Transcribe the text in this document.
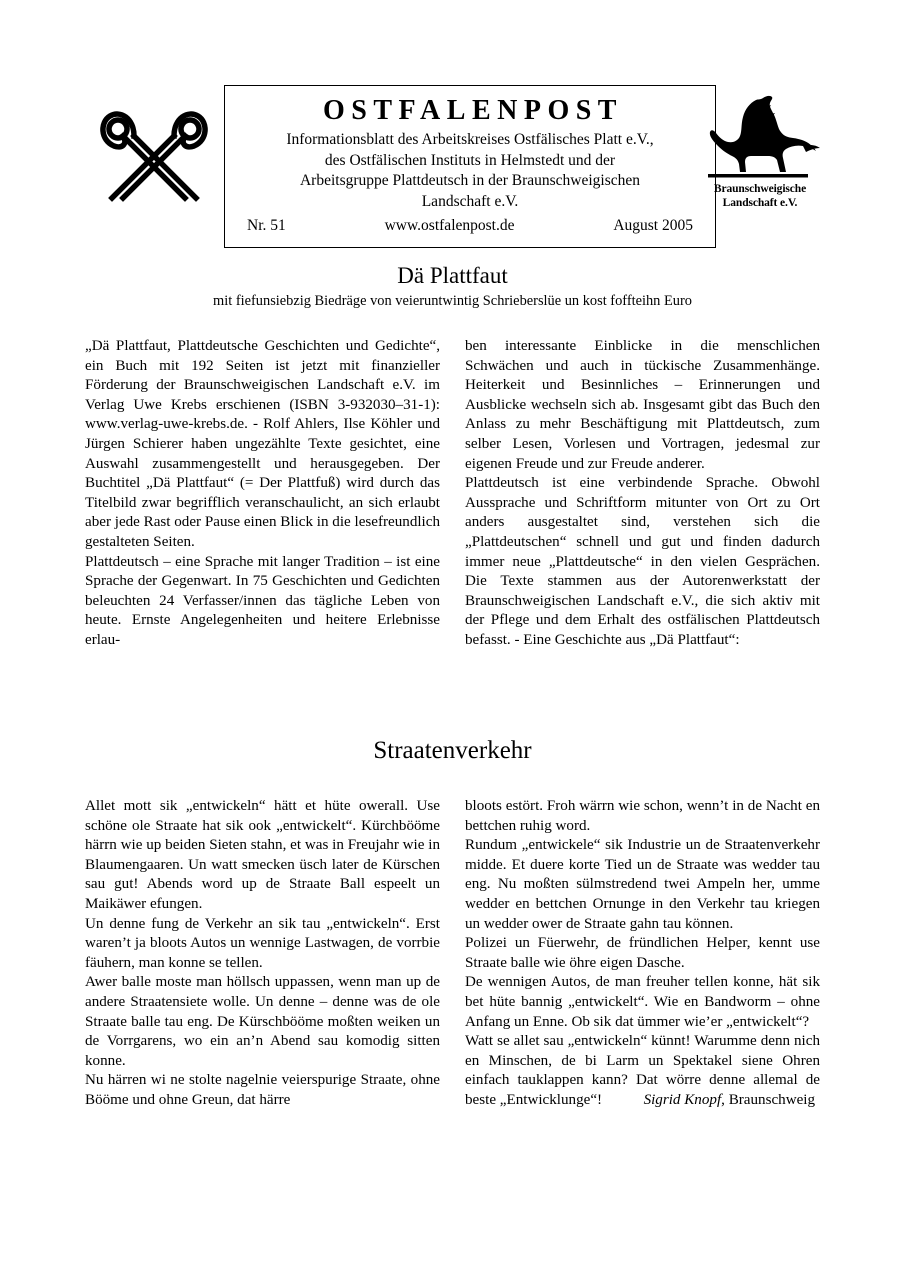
OSTFALENPOST
Informationsblatt des Arbeitskreises Ostfälisches Platt e.V.,
des Ostfälischen Instituts in Helmstedt und der
Arbeitsgruppe Plattdeutsch in der Braunschweigischen
Landschaft e.V.
Nr. 51	www.ostfalenpost.de	August 2005
Braunschweigische
Landschaft e.V.
Dä Plattfaut
mit fiefunsiebzig Biedräge von veieruntwintig Schrieberslüe un kost foffteihn Euro

„Dä Plattfaut, Plattdeutsche Geschichten und Gedichte“, ein Buch mit 192 Seiten ist jetzt mit finanzieller Förderung der Braunschweigischen Landschaft e.V. im Verlag Uwe Krebs erschienen (ISBN 3-932030–31-1): www.verlag-uwe-krebs.de. - Rolf Ahlers, Ilse Köhler und Jürgen Schierer haben ungezählte Texte gesichtet, eine Auswahl zusammengestellt und herausgegeben. Der Buchtitel „Dä Plattfaut“ (= Der Plattfuß) wird durch das Titelbild zwar begrifflich veranschaulicht, an sich erlaubt aber jede Rast oder Pause einen Blick in die lesefreundlich gestalteten Seiten.

Plattdeutsch – eine Sprache mit langer Tradition – ist eine Sprache der Gegenwart. In 75 Geschichten und Gedichten beleuchten 24 Verfasser/innen das tägliche Leben von heute. Ernste Angelegenheiten und heitere Erlebnisse erlau-

ben interessante Einblicke in die menschlichen Schwächen und auch in tückische Zusammenhänge. Heiterkeit und Besinnliches – Erinnerungen und Ausblicke wechseln sich ab. Insgesamt gibt das Buch den Anlass zu mehr Beschäftigung mit Plattdeutsch, zum selber Lesen, Vorlesen und Vortragen, jedesmal zur eigenen Freude und zur Freude anderer.

Plattdeutsch ist eine verbindende Sprache. Obwohl Aussprache und Schriftform mitunter von Ort zu Ort anders ausgestaltet sind, verstehen sich die „Plattdeutschen“ schnell und gut und finden dadurch immer neue „Plattdeutsche“ in den vielen Gesprächen. Die Texte stammen aus der Autorenwerkstatt der Braunschweigischen Landschaft e.V., die sich aktiv mit der Pflege und dem Erhalt des ostfälischen Plattdeutsch befasst. - Eine Geschichte aus „Dä Plattfaut“:

Straatenverkehr

Allet mott sik „entwickeln“ hätt et hüte owerall. Use schöne ole Straate hat sik ook „entwickelt“. Kürchbööme härrn wie up beiden Sieten stahn, et was in Freujahr wie in Blaumengaaren. Un watt smecken üsch later de Kürschen sau gut! Abends word up de Straate Ball espeelt un Maikäwer efungen.

Un denne fung de Verkehr an sik tau „entwickeln“. Erst waren’t ja bloots Autos un wennige Lastwagen, de vorrbie fäuhern, man konne se tellen.

Awer balle moste man höllsch uppassen, wenn man up de andere Straatensiete wolle. Un denne – denne was de ole Straate balle tau eng. De Kürschbööme moßten weiken un de Vorrgarens, wo ein an’n Abend sau komodig sitten konne.

Nu härren wi ne stolte nagelnie veierspurige Straate, ohne Bööme und ohne Greun, dat härre

bloots estört. Froh wärrn wie schon, wenn’t in de Nacht en bettchen ruhig word.

Rundum „entwickele“ sik Industrie un de Straatenverkehr midde. Et duere korte Tied un de Straate was wedder tau eng. Nu moßten sülmstredend twei Ampeln her, umme wedder en bettchen Ornunge in den Verkehr tau kriegen un wedder ower de Straate gahn tau können.

Polizei un Füerwehr, de fründlichen Helper, kennt use Straate balle wie öhre eigen Dasche.

De wennigen Autos, de man freuher tellen konne, hät sik bet hüte bannig „entwickelt“. Wie en Bandworm – ohne Anfang un Enne. Ob sik dat ümmer wie’er „entwickelt“?

Watt se allet sau „entwickeln“ künnt! Warumme denn nich en Minschen, de bi Larm un Spektakel siene Ohren einfach tauklappen kann? Dat wörre denne allemal de beste „Entwicklunge“!	Sigrid Knopf, Braunschweig
